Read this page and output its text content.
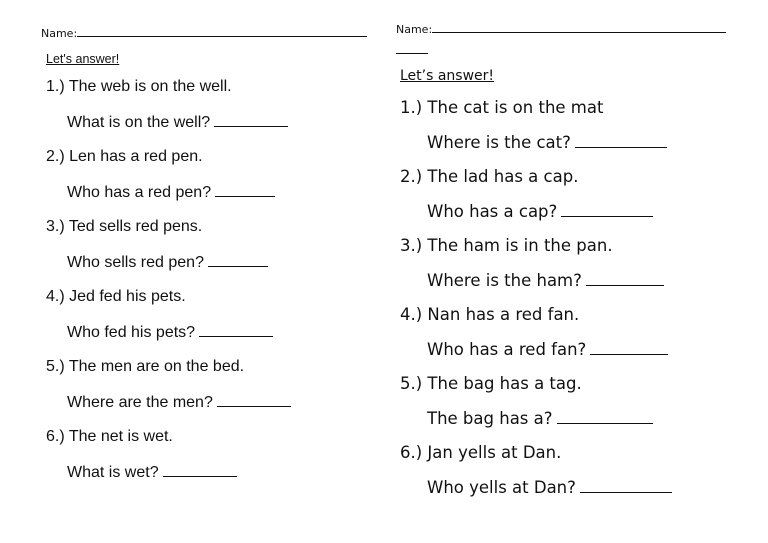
Name:
Let's answer!
1.) The web is on the well.
What is on the well?
2.) Len has a red pen.
Who has a red pen?
3.) Ted sells red pens.
Who sells red pen?
4.) Jed fed his pets.
Who fed his pets?
5.) The men are on the bed.
Where are the men?
6.) The net is wet.
What is wet?
Name:
Let’s answer!
1.) The cat is on the mat
Where is the cat?
2.) The lad has a cap.
Who has a cap?
3.) The ham is in the pan.
Where is the ham?
4.) Nan has a red fan.
Who has a red fan?
5.) The bag has a tag.
The bag has a?
6.) Jan yells at Dan.
Who yells at Dan?
